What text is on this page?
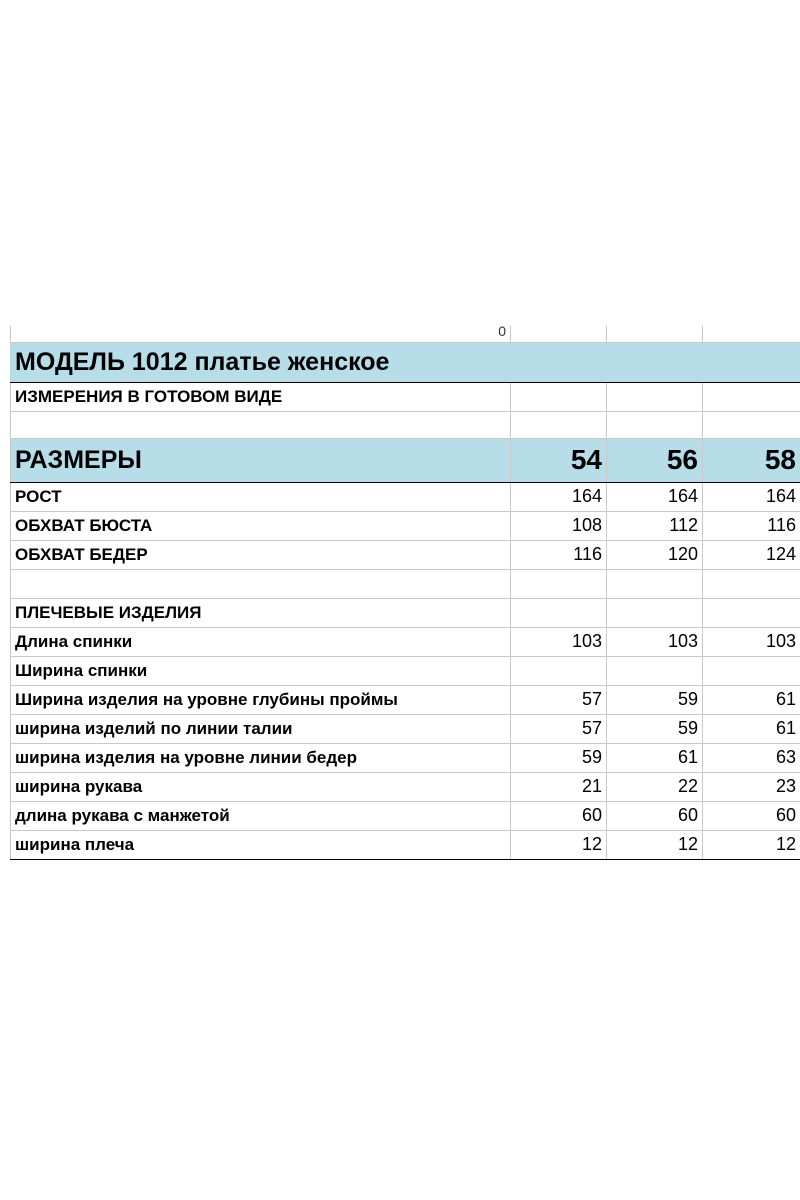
0			
МОДЕЛЬ 1012 платье женское			
ИЗМЕРЕНИЯ В ГОТОВОМ ВИДЕ			

РАЗМЕРЫ	54	56	58
РОСТ	164	164	164
ОБХВАТ БЮСТА	108	112	116
ОБХВАТ БЕДЕР	116	120	124

ПЛЕЧЕВЫЕ ИЗДЕЛИЯ			
Длина спинки	103	103	103
Ширина спинки			
Ширина изделия на уровне глубины проймы	57	59	61
ширина изделий по линии талии	57	59	61
ширина изделия на уровне линии бедер	59	61	63
ширина рукава	21	22	23
длина рукава с манжетой	60	60	60
ширина плеча	12	12	12
